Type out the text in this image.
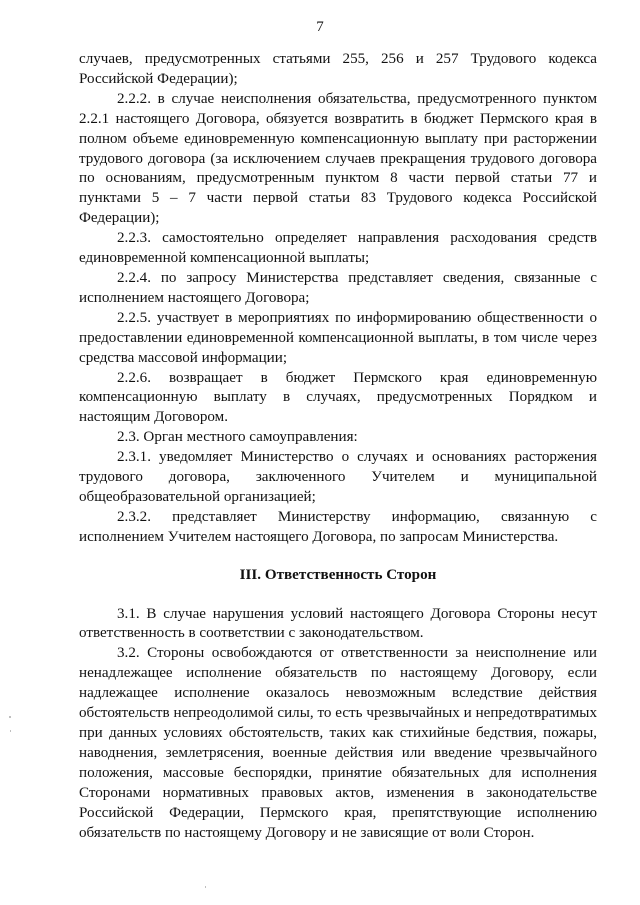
7

случаев, предусмотренных статьями 255, 256 и 257 Трудового кодекса Российской Федерации);

2.2.2. в случае неисполнения обязательства, предусмотренного пунктом 2.2.1 настоящего Договора, обязуется возвратить в бюджет Пермского края в полном объеме единовременную компенсационную выплату при расторжении трудового договора (за исключением случаев прекращения трудового договора по основаниям, предусмотренным пунктом 8 части первой статьи 77 и пунктами 5 – 7 части первой статьи 83 Трудового кодекса Российской Федерации);

2.2.3. самостоятельно определяет направления расходования средств единовременной компенсационной выплаты;

2.2.4. по запросу Министерства представляет сведения, связанные с исполнением настоящего Договора;

2.2.5. участвует в мероприятиях по информированию общественности о предоставлении единовременной компенсационной выплаты, в том числе через средства массовой информации;

2.2.6. возвращает в бюджет Пермского края единовременную компенсационную выплату в случаях, предусмотренных Порядком и настоящим Договором.

2.3. Орган местного самоуправления:

2.3.1. уведомляет Министерство о случаях и основаниях расторжения трудового договора, заключенного Учителем и муниципальной общеобразовательной организацией;

2.3.2. представляет Министерству информацию, связанную с исполнением Учителем настоящего Договора, по запросам Министерства.

III. Ответственность Сторон

3.1. В случае нарушения условий настоящего Договора Стороны несут ответственность в соответствии с законодательством.

3.2. Стороны освобождаются от ответственности за неисполнение или ненадлежащее исполнение обязательств по настоящему Договору, если надлежащее исполнение оказалось невозможным вследствие действия обстоятельств непреодолимой силы, то есть чрезвычайных и непредотвратимых при данных условиях обстоятельств, таких как стихийные бедствия, пожары, наводнения, землетрясения, военные действия или введение чрезвычайного положения, массовые беспорядки, принятие обязательных для исполнения Сторонами нормативных правовых актов, изменения в законодательстве Российской Федерации, Пермского края, препятствующие исполнению обязательств по настоящему Договору и не зависящие от воли Сторон.
